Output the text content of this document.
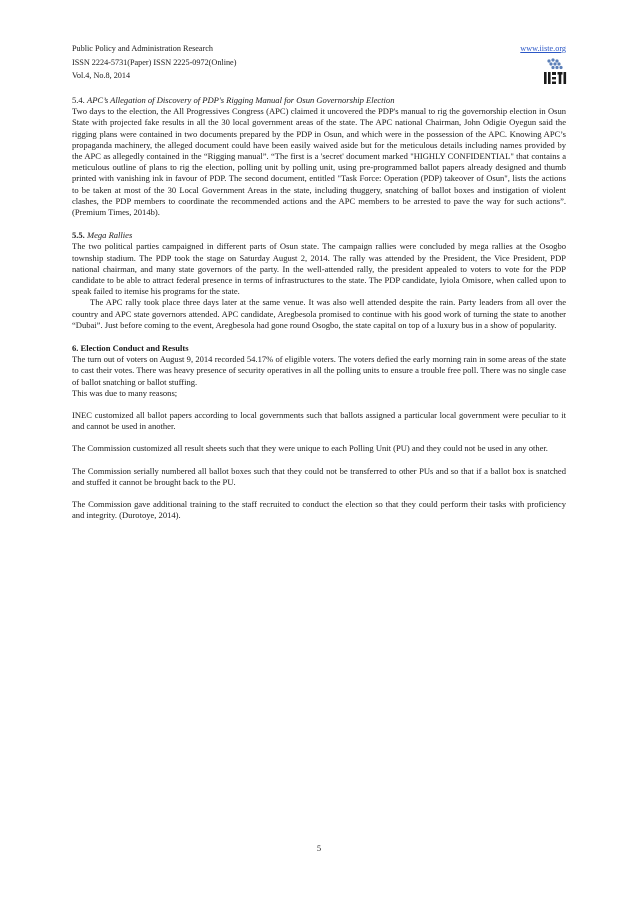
Public Policy and Administration Research
ISSN 2224-5731(Paper) ISSN 2225-0972(Online)
Vol.4, No.8, 2014
www.iiste.org

5.4. APC’s Allegation of Discovery of PDP's Rigging Manual for Osun Governorship Election

Two days to the election, the All Progressives Congress (APC) claimed it uncovered the PDP's manual to rig the governorship election in Osun State with projected fake results in all the 30 local government areas of the state. The APC national Chairman, John Odigie Oyegun said the rigging plans were contained in two documents prepared by the PDP in Osun, and which were in the possession of the APC. Knowing APC’s propaganda machinery, the alleged document could have been easily waived aside but for the meticulous details including names provided by the APC as allegedly contained in the “Rigging manual”. “The first is a 'secret' document marked "HIGHLY CONFIDENTIAL" that contains a meticulous outline of plans to rig the election, polling unit by polling unit, using pre-programmed ballot papers already designed and thumb printed with vanishing ink in favour of PDP. The second document, entitled "Task Force: Operation (PDP) takeover of Osun", lists the actions to be taken at most of the 30 Local Government Areas in the state, including thuggery, snatching of ballot boxes and instigation of violent clashes, the PDP members to coordinate the recommended actions and the APC members to be arrested to pave the way for such actions”. (Premium Times, 2014b).

5.5. Mega Rallies

The two political parties campaigned in different parts of Osun state. The campaign rallies were concluded by mega rallies at the Osogbo township stadium. The PDP took the stage on Saturday August 2, 2014. The rally was attended by the President, the Vice President, PDP national chairman, and many state governors of the party. In the well-attended rally, the president appealed to voters to vote for the PDP candidate to be able to attract federal presence in terms of infrastructures to the state. The PDP candidate, Iyiola Omisore, when called upon to speak failed to itemise his programs for the state.

The APC rally took place three days later at the same venue. It was also well attended despite the rain. Party leaders from all over the country and APC state governors attended. APC candidate, Aregbesola promised to continue with his good work of turning the state to another “Dubai”. Just before coming to the event, Aregbesola had gone round Osogbo, the state capital on top of a luxury bus in a show of popularity.

6. Election Conduct and Results

The turn out of voters on August 9, 2014 recorded 54.17% of eligible voters. The voters defied the early morning rain in some areas of the state to cast their votes. There was heavy presence of security operatives in all the polling units to ensure a trouble free poll. There was no single case of ballot snatching or ballot stuffing.

This was due to many reasons;

INEC customized all ballot papers according to local governments such that ballots assigned a particular local government were peculiar to it and cannot be used in another.

The Commission customized all result sheets such that they were unique to each Polling Unit (PU) and they could not be used in any other.

The Commission serially numbered all ballot boxes such that they could not be transferred to other PUs and so that if a ballot box is snatched and stuffed it cannot be brought back to the PU.

The Commission gave additional training to the staff recruited to conduct the election so that they could perform their tasks with proficiency and integrity. (Durotoye, 2014).

5
